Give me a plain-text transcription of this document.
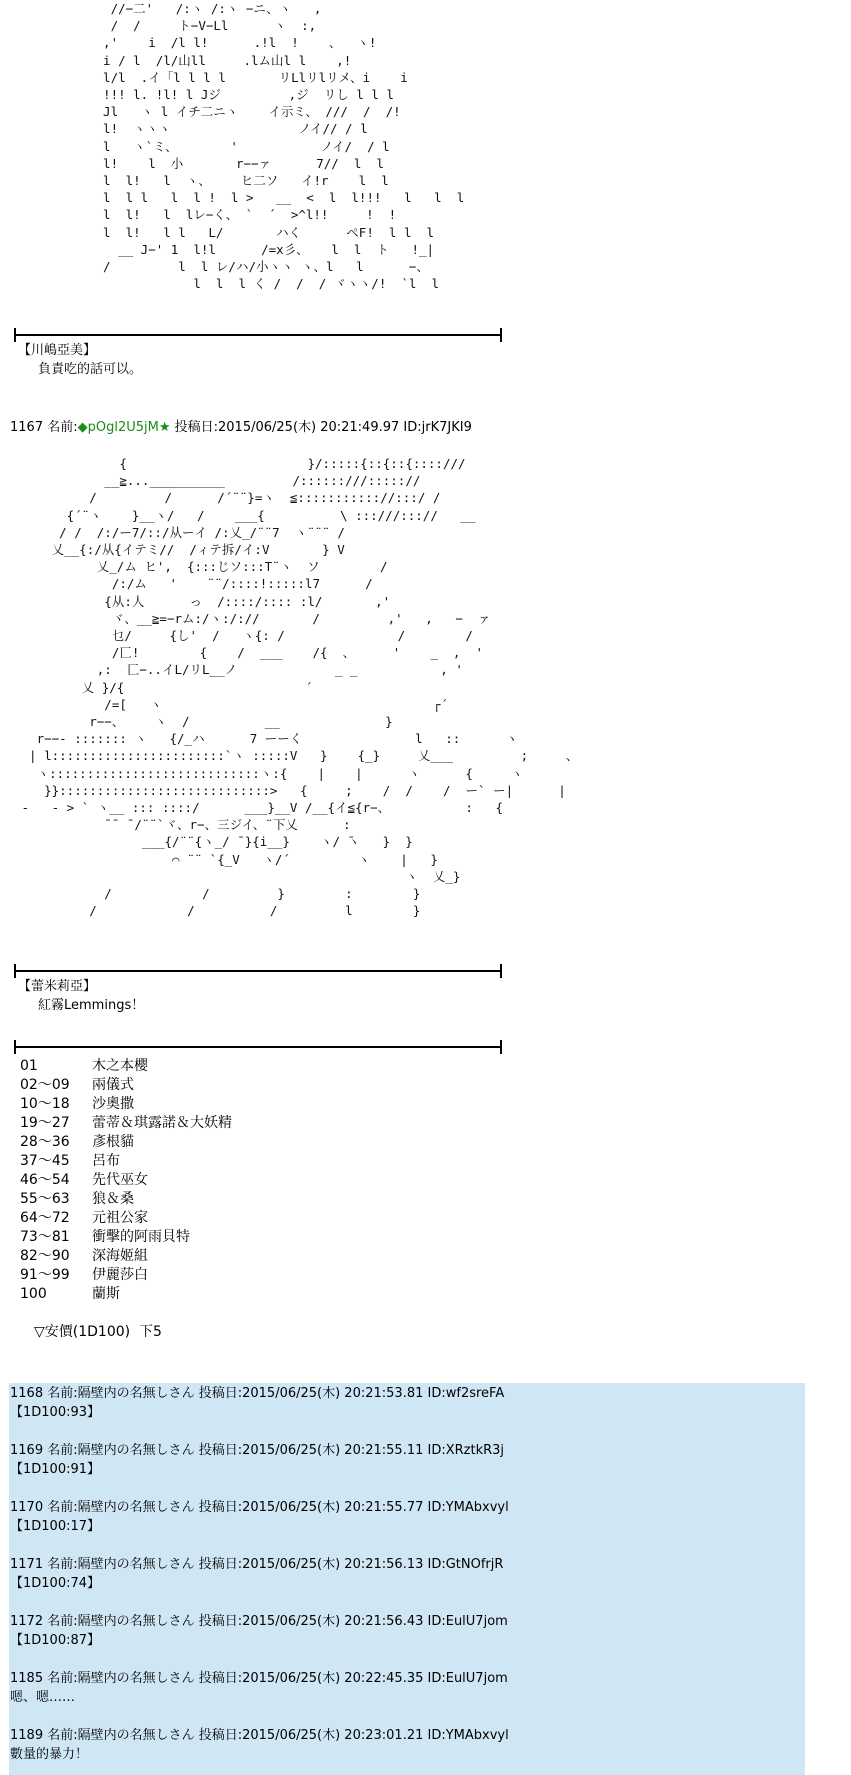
//−二'   /:ヽ /:ヽ −ニ、ヽ   ,
/  /     ト−V−Ll      ヽ  :,
,'    i  /l l!      .!l  !    、  ヽ!
i / l  /l/山ll     .lム山l l    ,!
l/l  .イ「l l l l       リLlリlリメ、i    i
!!! l. !l! l Jジ         ,ジ  リし l l l
Jl   ヽ l イチ二ニヽ    イ示ミ、 ///  /  /!
l!  ヽヽヽ                 ノイ// / l
l   ヽ`ミ、       '           ノイ/  / l
l!    l  小       r−−ァ      7//  l  l
l  l!   l  ヽ、    ヒ二ソ   イ!r    l  l
l  l l   l  l !  l >   __  <  l  l!!!   l   l  l
l  l!   l  lレ−く、 `  ´  >^l!!     !  !
l  l!   l l   L/       ハく      ぺF!  l l  l
__ J−' 1  l!l      /=x彡、   l  l  ト   !_|
/         l  l レ/ハ/小ヽヽ ヽ、l   l      −、
l  l  l く /  /  / ヾヽヽ/!  `l  l
【川嶋亞美】
負責吃的話可以。
1167 名前:◆pOgl2U5jM★ 投稿日:2015/06/25(木) 20:21:49.97 ID:jrK7JKI9
{                        }/:::::{::{::{::::///
__≧...__________         /::::::///::::://
/         /      /´¨¨}=ヽ  ≦::::::::::://:::/ /
{´¨ヽ    }__ヽ/   /    ___{          \ :::///::://   __
/ /  /:/ー7/::/从ーイ /:乂_/¨¨7  ヽ¨¨¨ /
乂__{:/从{イテミ//  /ィテ拆/イ:V       } V
乂_/ム ヒ',  {:::じソ:::T¨ヽ  ソ        /
/:/ム   '    ¨¨/::::!:::::l7      /
{从:人      っ  /::::/:::: :l/       ,'
ヾ、__≧=−rム:/ヽ:/://       /         ,'   ,   −  ァ
乜/     {し'  /   ヽ{: /               /        /
/匸!        {    /  ___    /{  、     '    _  ,  '
,:  匸−..イL/リL__ノ             _ _           , '
乂 }/{                        ´
/=[   ヽ                                    ┌´
r−−、    ヽ  /          __              }
r−−‐ ::::::: ヽ   {/_ハ      7 ーーく               l   ::      ヽ
| l:::::::::::::::::::::::`ヽ :::::V   }    {_}     乂___         ;     、
ヽ::::::::::::::::::::::::::::ヽ:{    |    |      ヽ      {     ヽ
}}::::::::::::::::::::::::::::>   {     ;    /  /    /  ー` ー|      |
‐   ‐ > ` ヽ__ ::: ::::/      ___}__V /__{イ≦{r−、          :   {
̄ ̄  ̄ /¨¨`ヾ、r−、三ジイ、¨下乂      :
___{/¨¨{ヽ_/ ̄ }{i__}    ヽ/ ̄ヽ   }  }
⌒ ¨¨ `{_V   ヽ/´         ヽ    |   }
ヽ  乂_}
/            /         }        :        }
/            /          /         l        }
【蕾米莉亞】
紅霧Lemmings！
01	木之本櫻
02〜09 兩儀式
10〜18 沙奧撒
19〜27 蕾蒂＆琪露諾＆大妖精
28〜36 彥根貓
37〜45 呂布
46〜54 先代巫女
55〜63 狼＆桑
64〜72 元祖公家
73〜81 衝擊的阿雨貝特
82〜90 深海姬組
91〜99 伊麗莎白
100	蘭斯
▽安價(1D100)  下5
1168 名前:隔壁内の名無しさん 投稿日:2015/06/25(木) 20:21:53.81 ID:wf2sreFA
【1D100:93】
1169 名前:隔壁内の名無しさん 投稿日:2015/06/25(木) 20:21:55.11 ID:XRztkR3j
【1D100:91】
1170 名前:隔壁内の名無しさん 投稿日:2015/06/25(木) 20:21:55.77 ID:YMAbxvyl
【1D100:17】
1171 名前:隔壁内の名無しさん 投稿日:2015/06/25(木) 20:21:56.13 ID:GtNOfrjR
【1D100:74】
1172 名前:隔壁内の名無しさん 投稿日:2015/06/25(木) 20:21:56.43 ID:EulU7jom
【1D100:87】
1185 名前:隔壁内の名無しさん 投稿日:2015/06/25(木) 20:22:45.35 ID:EulU7jom
嗯、嗯……
1189 名前:隔壁内の名無しさん 投稿日:2015/06/25(木) 20:23:01.21 ID:YMAbxvyl
數量的暴力！
